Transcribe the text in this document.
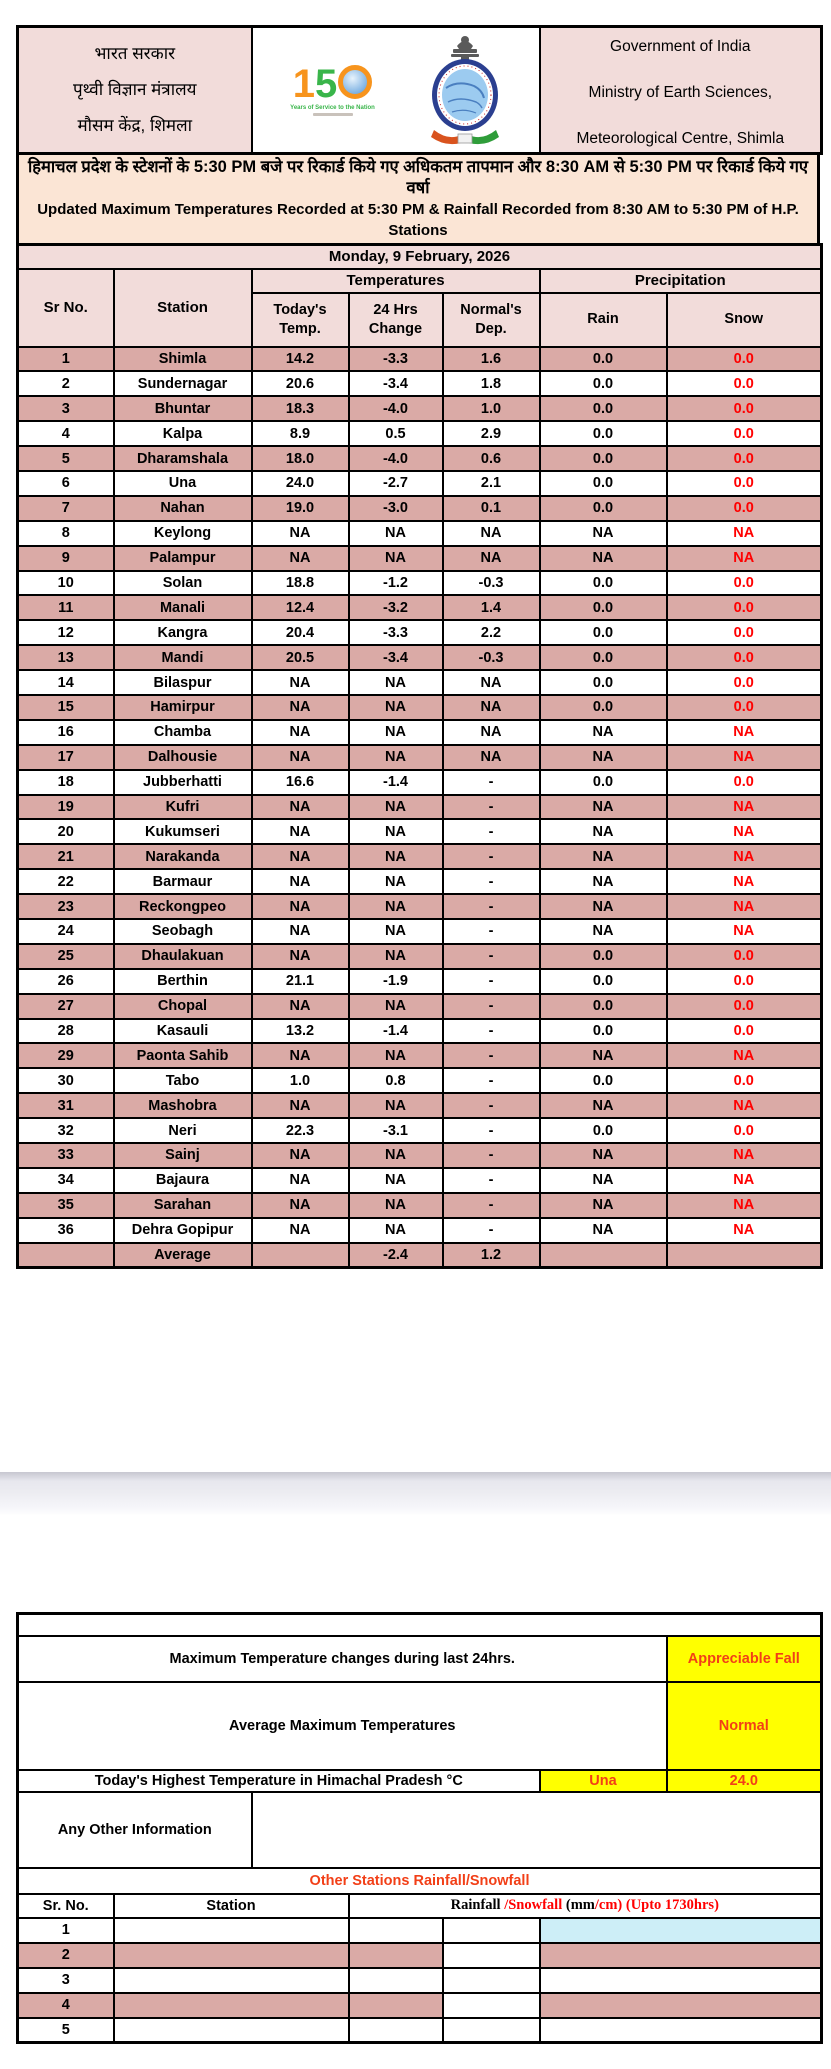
भारत सरकार
पृथ्वी विज्ञान मंत्रालय
मौसम केंद्र, शिमला

1 5
Years of Service to the Nation

Government of India
Ministry of Earth Sciences,
Meteorological Centre, Shimla
हिमाचल प्रदेश के स्टेशनों के 5:30 PM बजे पर रिकार्ड किये गए अधिकतम तापमान और 8:30 AM से 5:30 PM पर रिकार्ड किये गए वर्षा
Updated Maximum Temperatures Recorded at 5:30 PM & Rainfall Recorded from 8:30 AM to 5:30 PM of H.P. Stations
Monday, 9 February, 2026						
Sr No.	Station	Temperatures			Precipitation	
		Today's Temp.	24 Hrs Change	Normal's Dep.	Rain	Snow
1	Shimla	14.2	-3.3	1.6	0.0	0.0
2	Sundernagar	20.6	-3.4	1.8	0.0	0.0
3	Bhuntar	18.3	-4.0	1.0	0.0	0.0
4	Kalpa	8.9	0.5	2.9	0.0	0.0
5	Dharamshala	18.0	-4.0	0.6	0.0	0.0
6	Una	24.0	-2.7	2.1	0.0	0.0
7	Nahan	19.0	-3.0	0.1	0.0	0.0
8	Keylong	NA	NA	NA	NA	NA
9	Palampur	NA	NA	NA	NA	NA
10	Solan	18.8	-1.2	-0.3	0.0	0.0
11	Manali	12.4	-3.2	1.4	0.0	0.0
12	Kangra	20.4	-3.3	2.2	0.0	0.0
13	Mandi	20.5	-3.4	-0.3	0.0	0.0
14	Bilaspur	NA	NA	NA	0.0	0.0
15	Hamirpur	NA	NA	NA	0.0	0.0
16	Chamba	NA	NA	NA	NA	NA
17	Dalhousie	NA	NA	NA	NA	NA
18	Jubberhatti	16.6	-1.4	-	0.0	0.0
19	Kufri	NA	NA	-	NA	NA
20	Kukumseri	NA	NA	-	NA	NA
21	Narakanda	NA	NA	-	NA	NA
22	Barmaur	NA	NA	-	NA	NA
23	Reckongpeo	NA	NA	-	NA	NA
24	Seobagh	NA	NA	-	NA	NA
25	Dhaulakuan	NA	NA	-	0.0	0.0
26	Berthin	21.1	-1.9	-	0.0	0.0
27	Chopal	NA	NA	-	0.0	0.0
28	Kasauli	13.2	-1.4	-	0.0	0.0
29	Paonta Sahib	NA	NA	-	NA	NA
30	Tabo	1.0	0.8	-	0.0	0.0
31	Mashobra	NA	NA	-	NA	NA
32	Neri	22.3	-3.1	-	0.0	0.0
33	Sainj	NA	NA	-	NA	NA
34	Bajaura	NA	NA	-	NA	NA
35	Sarahan	NA	NA	-	NA	NA
36	Dehra Gopipur	NA	NA	-	NA	NA
	Average		-2.4	1.2		

Maximum Temperature changes during last 24hrs.						Appreciable Fall
Average Maximum Temperatures						Normal
Today's Highest Temperature in Himachal Pradesh °C					Una	24.0
Any Other Information						
Other Stations Rainfall/Snowfall						
Sr. No.	Station		Rainfall /Snowfall (mm/cm) (Upto 1730hrs)			
1						
2						
3						
4						
5						
